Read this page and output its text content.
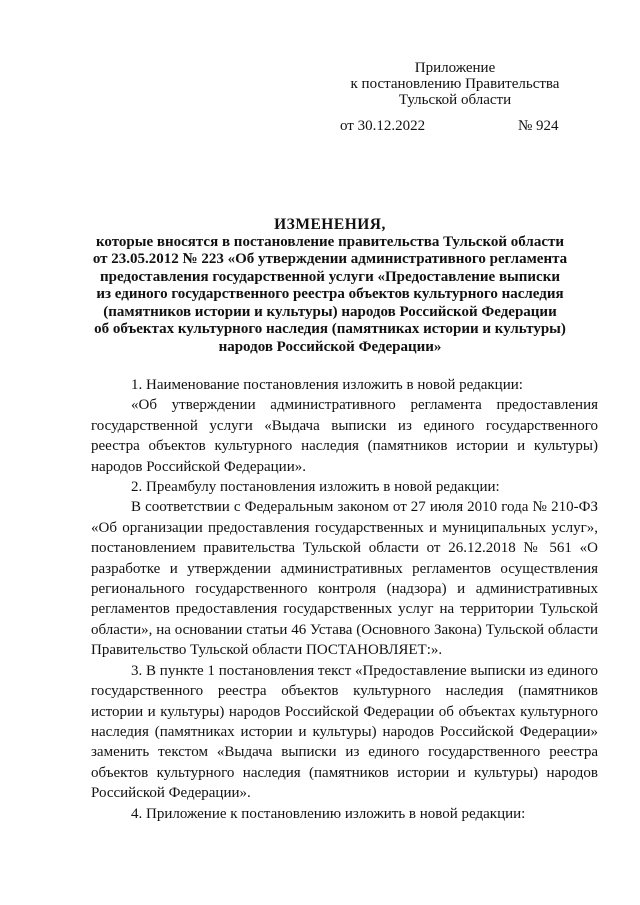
Приложение
к постановлению Правительства
Тульской области
от 30.12.2022	№ 924
ИЗМЕНЕНИЯ,
которые вносятся в постановление правительства Тульской области
от 23.05.2012 № 223 «Об утверждении административного регламента
предоставления государственной услуги «Предоставление выписки
из единого государственного реестра объектов культурного наследия
(памятников истории и культуры) народов Российской Федерации
об объектах культурного наследия (памятниках истории и культуры)
народов Российской Федерации»

1. Наименование постановления изложить в новой редакции:

«Об утверждении административного регламента предоставления государственной услуги «Выдача выписки из единого государственного реестра объектов культурного наследия (памятников истории и культуры) народов Российской Федерации».

2. Преамбулу постановления изложить в новой редакции:

В соответствии с Федеральным законом от 27 июля 2010 года № 210-ФЗ «Об организации предоставления государственных и муниципальных услуг», постановлением правительства Тульской области от 26.12.2018 № 561 «О разработке и утверждении административных регламентов осуществления регионального государственного контроля (надзора) и административных регламентов предоставления государственных услуг на территории Тульской области», на основании статьи 46 Устава (Основного Закона) Тульской области Правительство Тульской области ПОСТАНОВЛЯЕТ:».

3. В пункте 1 постановления текст «Предоставление выписки из единого государственного реестра объектов культурного наследия (памятников истории и культуры) народов Российской Федерации об объектах культурного наследия (памятниках истории и культуры) народов Российской Федерации» заменить текстом «Выдача выписки из единого государственного реестра объектов культурного наследия (памятников истории и культуры) народов Российской Федерации».

4. Приложение к постановлению изложить в новой редакции:
